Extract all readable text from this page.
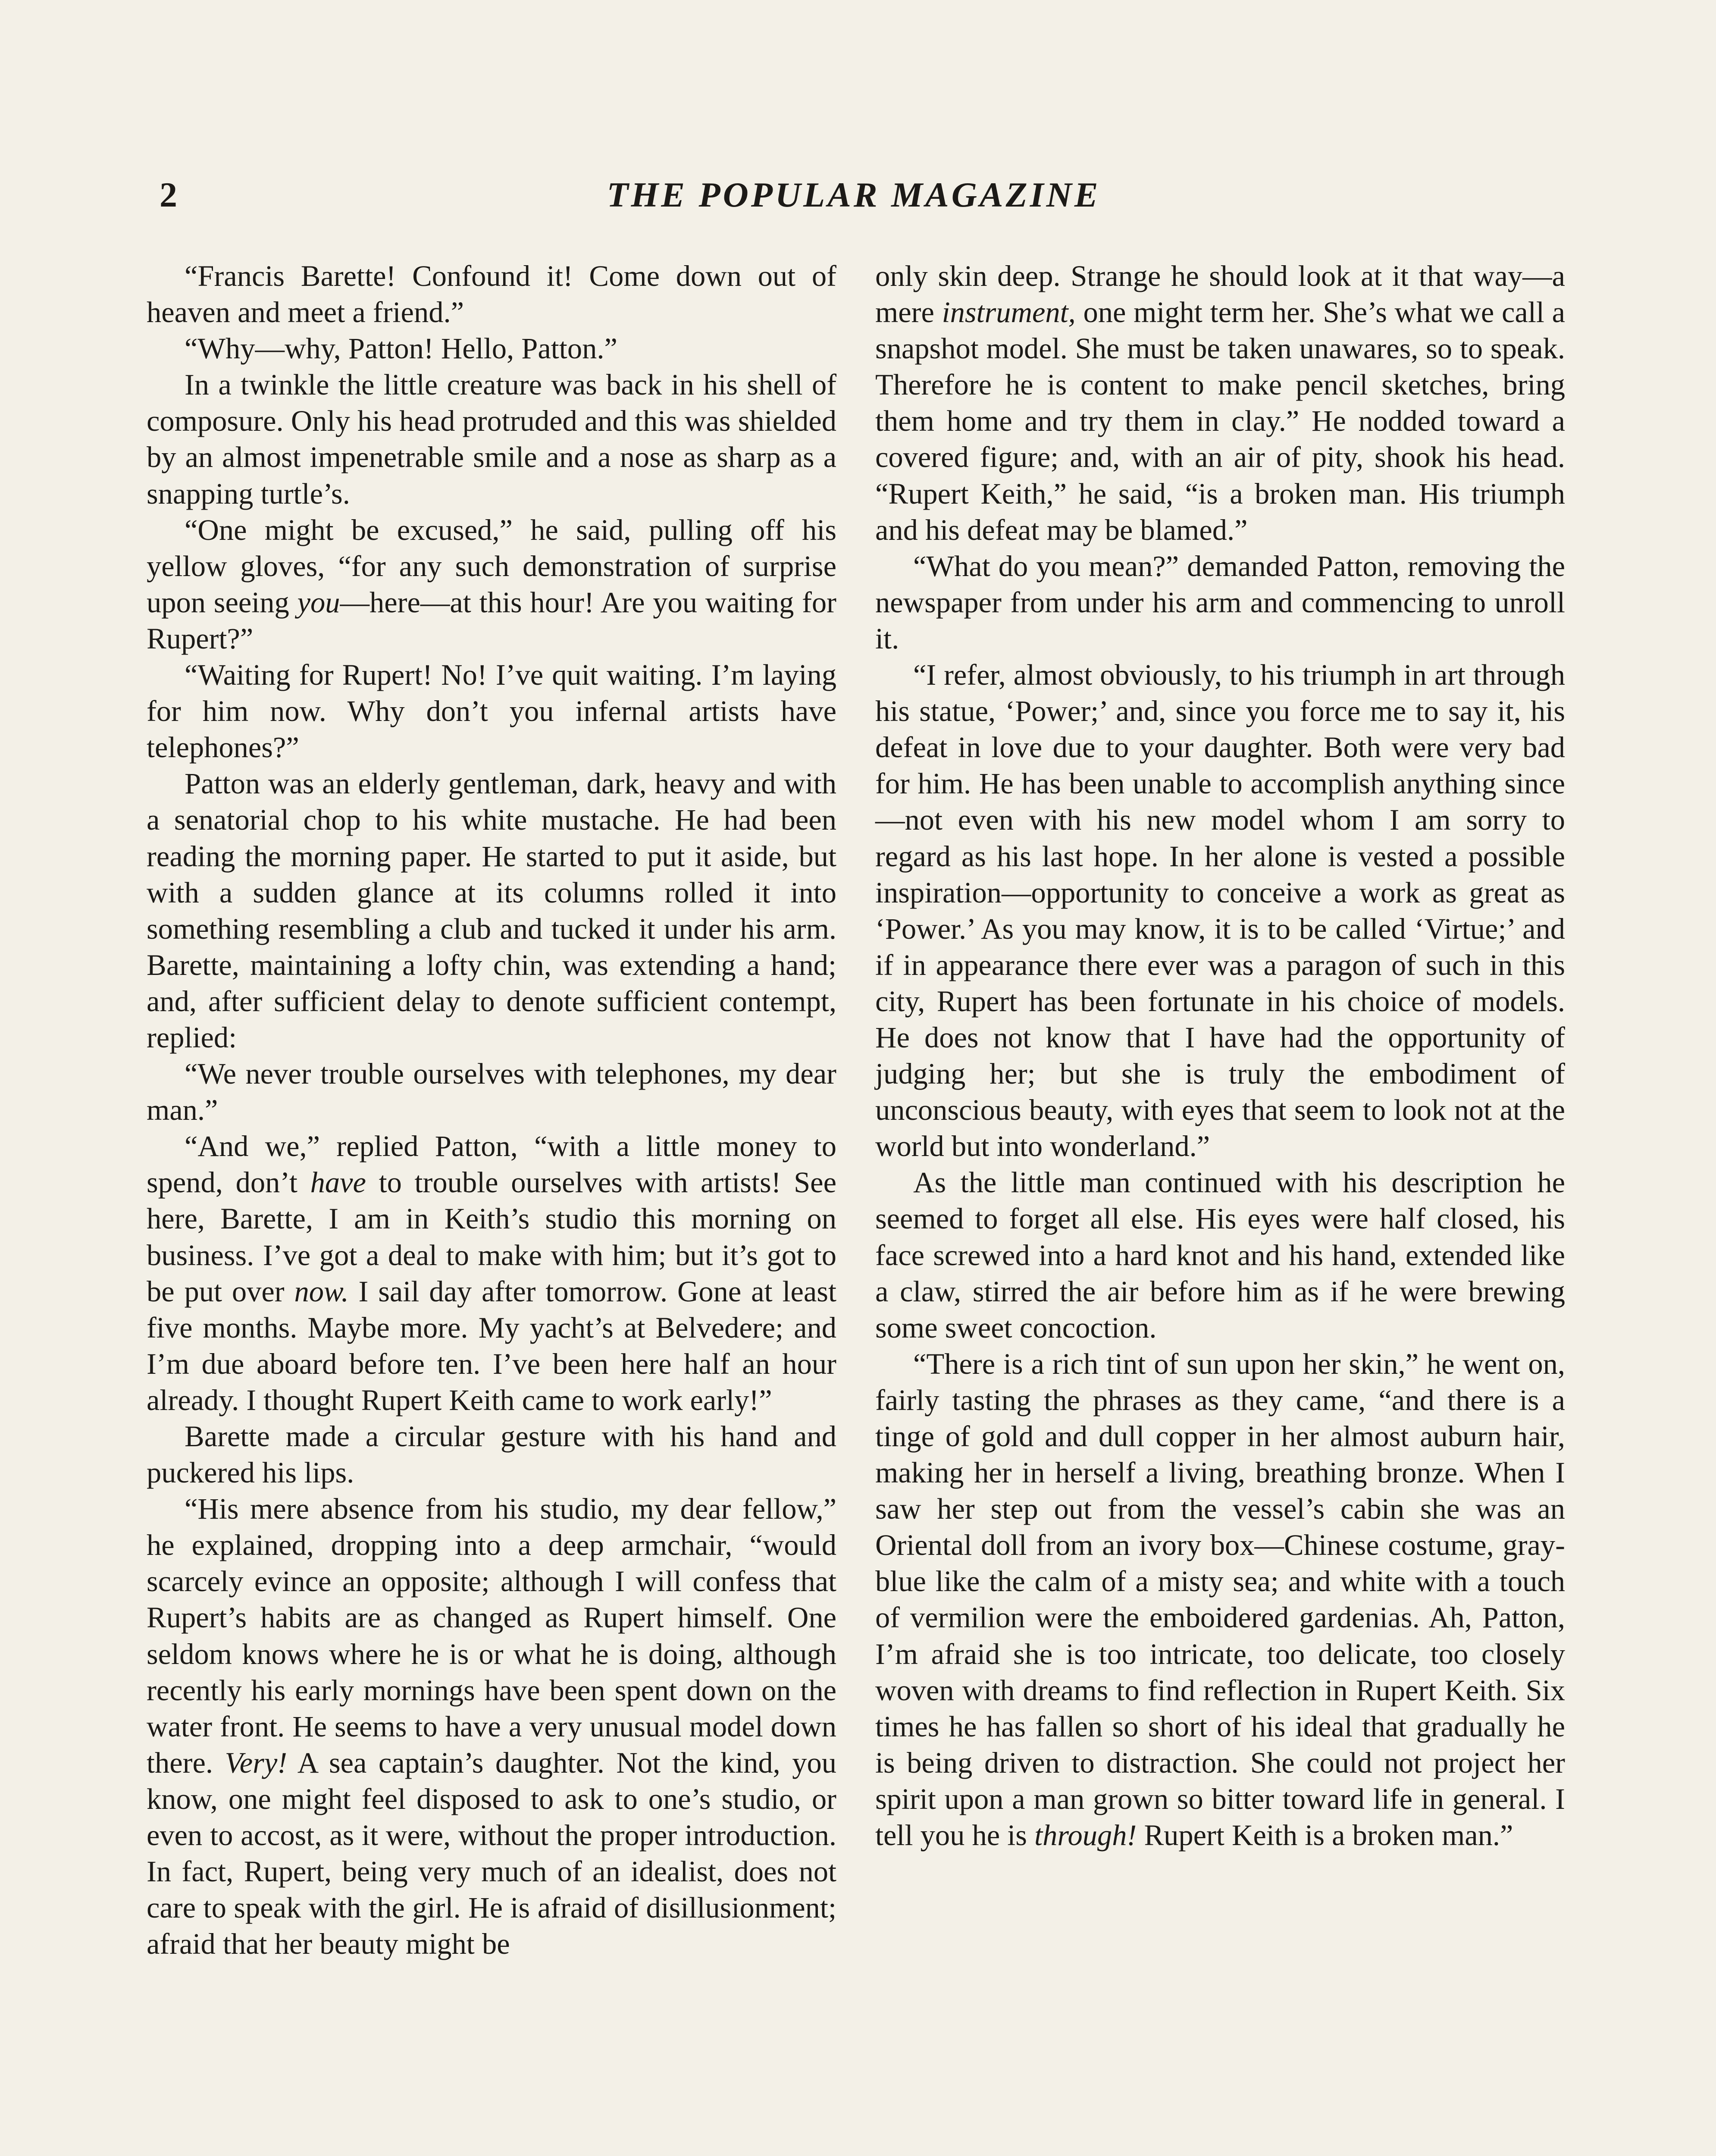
2	THE POPULAR MAGAZINE

“Francis Barette! Confound it! Come down out of heaven and meet a friend.”

“Why—why, Patton! Hello, Patton.”

In a twinkle the little creature was back in his shell of composure. Only his head protruded and this was shielded by an almost impenetrable smile and a nose as sharp as a snapping turtle’s.

“One might be excused,” he said, pulling off his yellow gloves, “for any such demonstration of surprise upon seeing you—here—at this hour! Are you waiting for Rupert?”

“Waiting for Rupert! No! I’ve quit waiting. I’m laying for him now. Why don’t you infernal artists have telephones?”

Patton was an elderly gentleman, dark, heavy and with a senatorial chop to his white mustache. He had been reading the morning paper. He started to put it aside, but with a sudden glance at its columns rolled it into something resembling a club and tucked it under his arm. Barette, maintaining a lofty chin, was extending a hand; and, after sufficient delay to denote sufficient contempt, replied:

“We never trouble ourselves with telephones, my dear man.”

“And we,” replied Patton, “with a little money to spend, don’t have to trouble ourselves with artists! See here, Barette, I am in Keith’s studio this morning on business. I’ve got a deal to make with him; but it’s got to be put over now. I sail day after tomorrow. Gone at least five months. Maybe more. My yacht’s at Belvedere; and I’m due aboard before ten. I’ve been here half an hour already. I thought Rupert Keith came to work early!”

Barette made a circular gesture with his hand and puckered his lips.

“His mere absence from his studio, my dear fellow,” he explained, dropping into a deep armchair, “would scarcely evince an opposite; although I will confess that Rupert’s habits are as changed as Rupert himself. One seldom knows where he is or what he is doing, although recently his early mornings have been spent down on the water front. He seems to have a very unusual model down there. Very! A sea captain’s daughter. Not the kind, you know, one might feel disposed to ask to one’s studio, or even to accost, as it were, without the proper introduction. In fact, Rupert, being very much of an idealist, does not care to speak with the girl. He is afraid of disillusionment; afraid that her beauty might be

only skin deep. Strange he should look at it that way—a mere instrument, one might term her. She’s what we call a snapshot model. She must be taken unawares, so to speak. Therefore he is content to make pencil sketches, bring them home and try them in clay.” He nodded toward a covered figure; and, with an air of pity, shook his head. “Rupert Keith,” he said, “is a broken man. His triumph and his defeat may be blamed.”

“What do you mean?” demanded Patton, removing the newspaper from under his arm and commencing to unroll it.

“I refer, almost obviously, to his triumph in art through his statue, ‘Power;’ and, since you force me to say it, his defeat in love due to your daughter. Both were very bad for him. He has been unable to accomplish anything since—not even with his new model whom I am sorry to regard as his last hope. In her alone is vested a possible inspiration—opportunity to conceive a work as great as ‘Power.’ As you may know, it is to be called ‘Virtue;’ and if in appearance there ever was a paragon of such in this city, Rupert has been fortunate in his choice of models. He does not know that I have had the opportunity of judging her; but she is truly the embodiment of unconscious beauty, with eyes that seem to look not at the world but into wonderland.”

As the little man continued with his description he seemed to forget all else. His eyes were half closed, his face screwed into a hard knot and his hand, extended like a claw, stirred the air before him as if he were brewing some sweet concoction.

“There is a rich tint of sun upon her skin,” he went on, fairly tasting the phrases as they came, “and there is a tinge of gold and dull copper in her almost auburn hair, making her in herself a living, breathing bronze. When I saw her step out from the vessel’s cabin she was an Oriental doll from an ivory box—Chinese costume, gray-blue like the calm of a misty sea; and white with a touch of vermilion were the emboidered gardenias. Ah, Patton, I’m afraid she is too intricate, too delicate, too closely woven with dreams to find reflection in Rupert Keith. Six times he has fallen so short of his ideal that gradually he is being driven to distraction. She could not project her spirit upon a man grown so bitter toward life in general. I tell you he is through! Rupert Keith is a broken man.”
